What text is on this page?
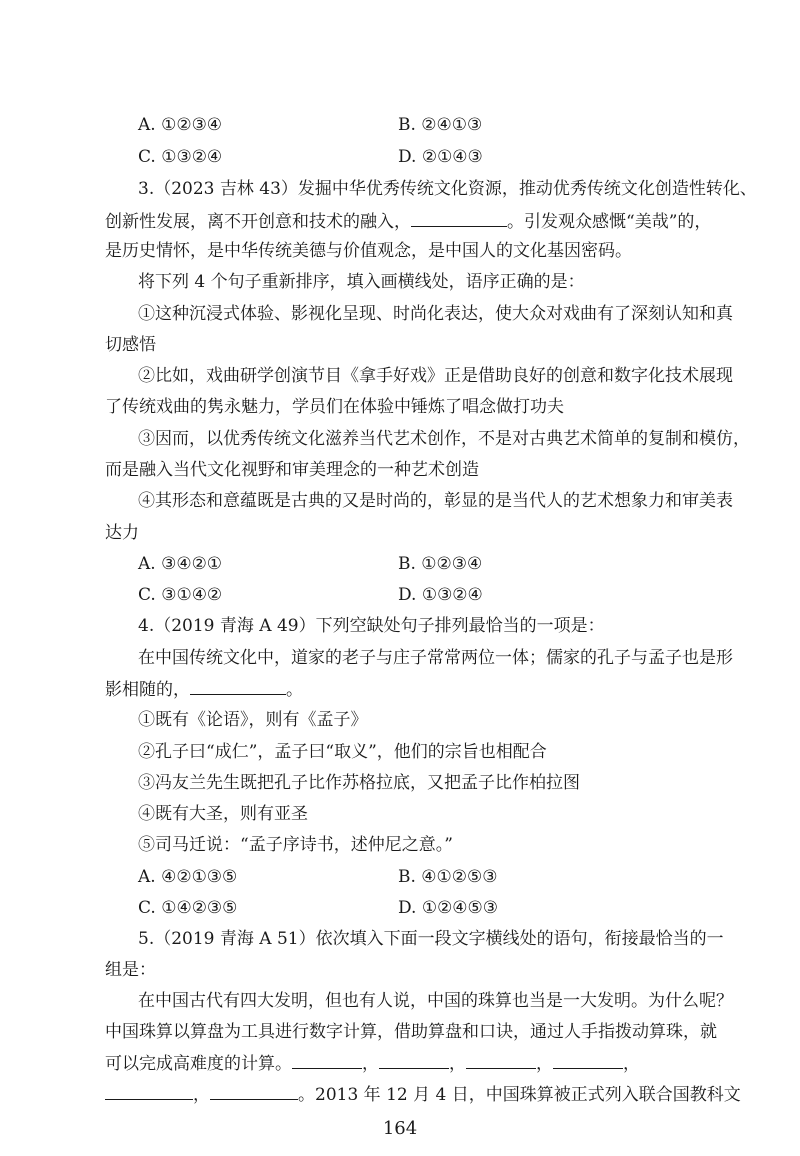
A. ①②③④	B. ②④①③
C. ①③②④	D. ②①④③
3.（2023 吉林 43）发掘中华优秀传统文化资源，推动优秀传统文化创造性转化、
创新性发展，离不开创意和技术的融入，	。引发观众感慨“美哉”的，
是历史情怀，是中华传统美德与价值观念，是中国人的文化基因密码。
将下列 4 个句子重新排序，填入画横线处，语序正确的是：
①这种沉浸式体验、影视化呈现、时尚化表达，使大众对戏曲有了深刻认知和真
切感悟
②比如，戏曲研学创演节目《拿手好戏》正是借助良好的创意和数字化技术展现
了传统戏曲的隽永魅力，学员们在体验中锤炼了唱念做打功夫
③因而，以优秀传统文化滋养当代艺术创作，不是对古典艺术简单的复制和模仿，
而是融入当代文化视野和审美理念的一种艺术创造
④其形态和意蕴既是古典的又是时尚的，彰显的是当代人的艺术想象力和审美表
达力
A. ③④②①	B. ①②③④
C. ③①④②	D. ①③②④
4.（2019 青海 A 49）下列空缺处句子排列最恰当的一项是：
在中国传统文化中，道家的老子与庄子常常两位一体；儒家的孔子与孟子也是形
影相随的，	。
①既有《论语》，则有《孟子》
②孔子曰“成仁”，孟子曰“取义”，他们的宗旨也相配合
③冯友兰先生既把孔子比作苏格拉底，又把孟子比作柏拉图
④既有大圣，则有亚圣
⑤司马迁说：“孟子序诗书，述仲尼之意。”
A. ④②①③⑤	B. ④①②⑤③
C. ①④②③⑤	D. ①②④⑤③
5.（2019 青海 A 51）依次填入下面一段文字横线处的语句，衔接最恰当的一
组是：
在中国古代有四大发明，但也有人说，中国的珠算也当是一大发明。为什么呢？
中国珠算以算盘为工具进行数字计算，借助算盘和口诀，通过人手指拨动算珠，就
可以完成高难度的计算。	，	，	，	，
，	。2013 年 12 月 4 日，中国珠算被正式列入联合国教科文
164
